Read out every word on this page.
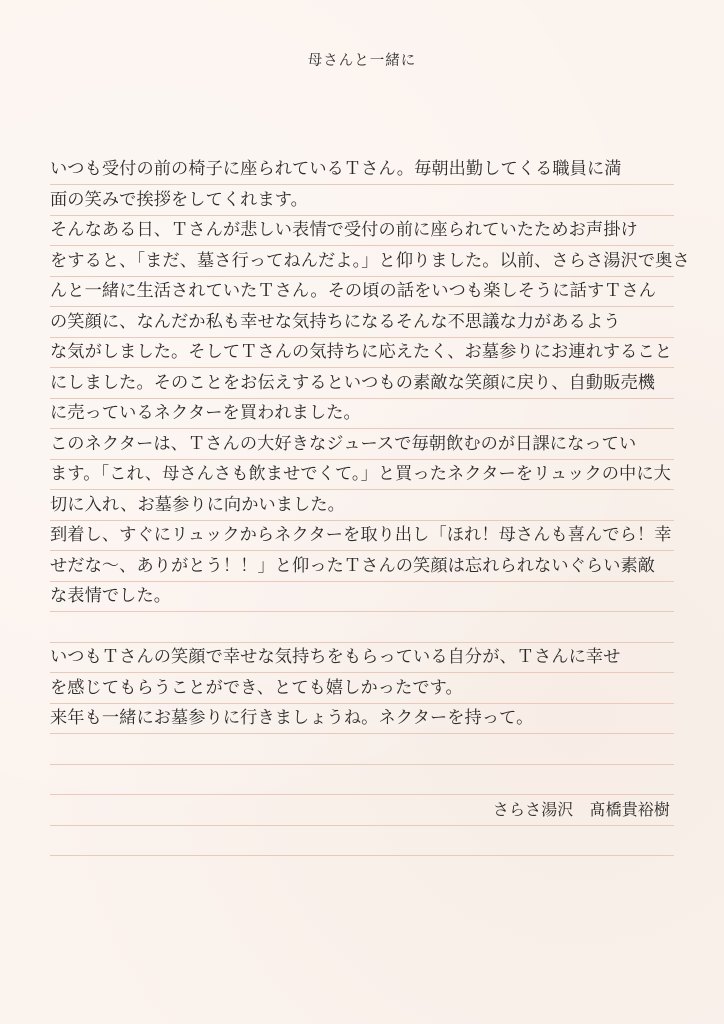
母さんと一緒に
いつも受付の前の椅子に座られているＴさん。毎朝出勤してくる職員に満
面の笑みで挨拶をしてくれます。
そんなある日、Ｔさんが悲しい表情で受付の前に座られていたためお声掛け
をすると、「まだ、墓さ行ってねんだよ。」と仰りました。以前、さらさ湯沢で奥さ
んと一緒に生活されていたＴさん。その頃の話をいつも楽しそうに話すＴさん
の笑顔に、なんだか私も幸せな気持ちになるそんな不思議な力があるよう
な気がしました。そしてＴさんの気持ちに応えたく、お墓参りにお連れすること
にしました。そのことをお伝えするといつもの素敵な笑顔に戻り、自動販売機
に売っているネクターを買われました。
このネクターは、Ｔさんの大好きなジュースで毎朝飲むのが日課になってい
ます。「これ、母さんさも飲ませでくて。」と買ったネクターをリュックの中に大
切に入れ、お墓参りに向かいました。
到着し、すぐにリュックからネクターを取り出し「ほれ！母さんも喜んでら！幸
せだな～、ありがとう！！」と仰ったＴさんの笑顔は忘れられないぐらい素敵
な表情でした。
いつもＴさんの笑顔で幸せな気持ちをもらっている自分が、Ｔさんに幸せ
を感じてもらうことができ、とても嬉しかったです。
来年も一緒にお墓参りに行きましょうね。ネクターを持って。
さらさ湯沢　髙橋貴裕樹
